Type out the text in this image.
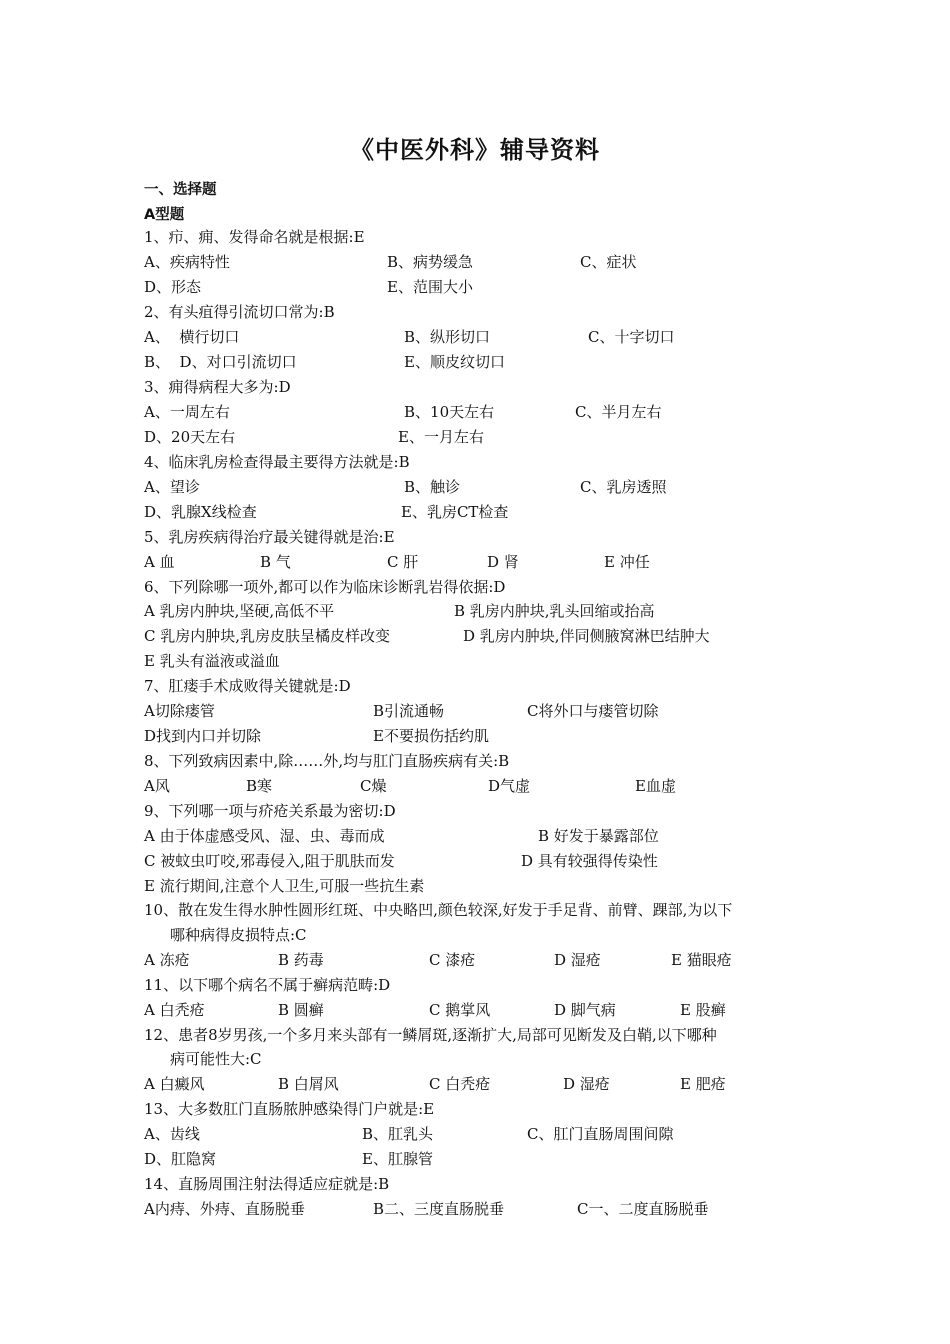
《中医外科》辅导资料
一、选择题
A型题
1、疖、痈、发得命名就是根据:E
A、疾病特性	B、病势缓急	C、症状
D、形态	E、范围大小
2、有头疽得引流切口常为:B
A、  横行切口	B、纵形切口	C、十字切口
B、  D、对口引流切口	E、顺皮纹切口
3、痈得病程大多为:D
A、一周左右	B、10天左右	C、半月左右
D、20天左右	E、一月左右
4、临床乳房检查得最主要得方法就是:B
A、望诊	B、触诊	C、乳房透照
D、乳腺X线检查	E、乳房CT检查
5、乳房疾病得治疗最关键得就是治:E
A 血	B 气	C 肝	D 肾	E 冲任
6、下列除哪一项外,都可以作为临床诊断乳岩得依据:D
A 乳房内肿块,坚硬,高低不平	B 乳房内肿块,乳头回缩或抬高
C 乳房内肿块,乳房皮肤呈橘皮样改变	D 乳房内肿块,伴同侧腋窝淋巴结肿大
E 乳头有溢液或溢血
7、肛瘘手术成败得关键就是:D
A切除瘘管	B引流通畅	C将外口与瘘管切除
D找到内口并切除	E不要损伤括约肌
8、下列致病因素中,除……外,均与肛门直肠疾病有关:B
A风	B寒	C燥	D气虚	E血虚
9、下列哪一项与疥疮关系最为密切:D
A 由于体虚感受风、湿、虫、毒而成	B 好发于暴露部位
C 被蚊虫叮咬,邪毒侵入,阻于肌肤而发	D 具有较强得传染性
E 流行期间,注意个人卫生,可服一些抗生素
10、散在发生得水肿性圆形红斑、中央略凹,颜色较深,好发于手足背、前臂、踝部,为以下
哪种病得皮损特点:C
A 冻疮	B 药毒	C 漆疮	D 湿疮	E 猫眼疮
11、以下哪个病名不属于癣病范畴:D
A 白秃疮	B 圆癣	C 鹅掌风	D 脚气病	E 股癣
12、患者8岁男孩,一个多月来头部有一鳞屑斑,逐渐扩大,局部可见断发及白鞘,以下哪种
病可能性大:C
A 白癜风	B 白屑风	C 白秃疮	D 湿疮	E 肥疮
13、大多数肛门直肠脓肿感染得门户就是:E
A、齿线	B、肛乳头	C、肛门直肠周围间隙
D、肛隐窝	E、肛腺管
14、直肠周围注射法得适应症就是:B
A内痔、外痔、直肠脱垂	B二、三度直肠脱垂	C一、二度直肠脱垂
